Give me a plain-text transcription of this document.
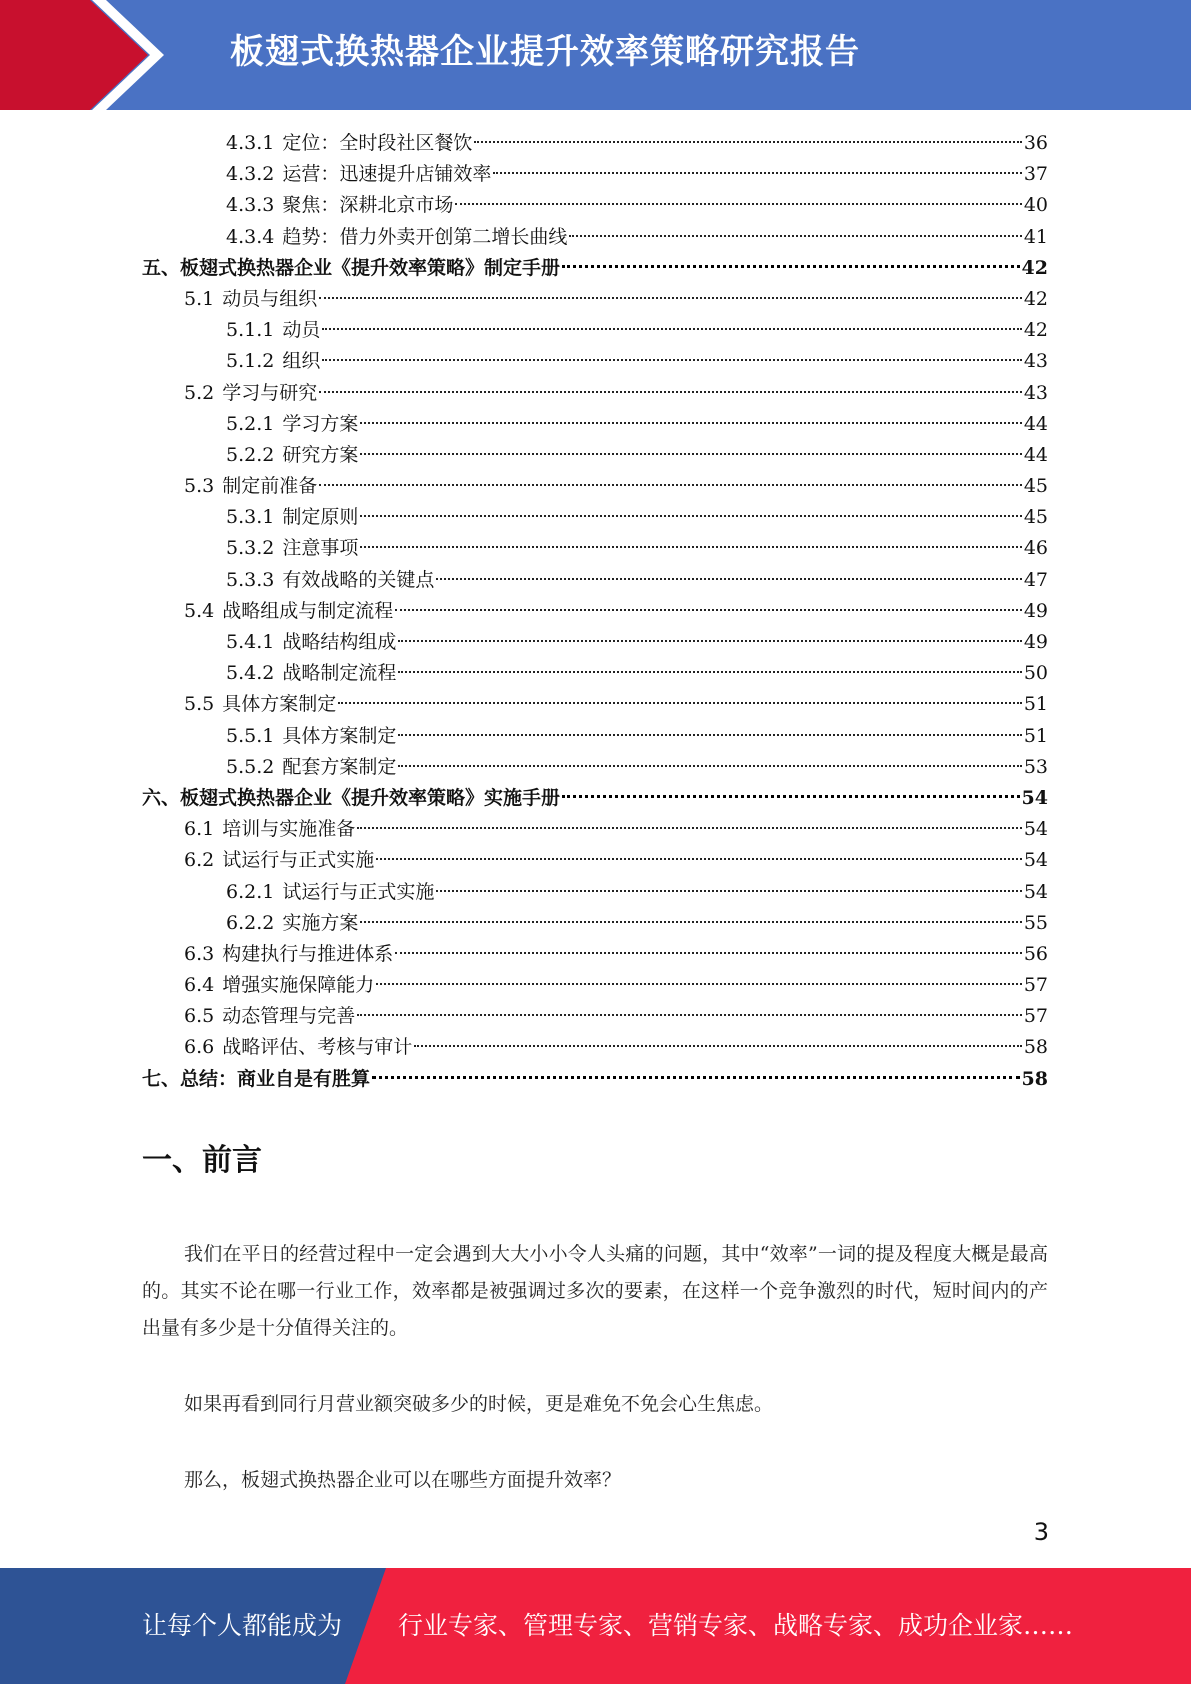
板翅式换热器企业提升效率策略研究报告
4.3.1 定位：全时段社区餐饮	36
4.3.2 运营：迅速提升店铺效率	37
4.3.3 聚焦：深耕北京市场	40
4.3.4 趋势：借力外卖开创第二增长曲线	41
五、板翅式换热器企业《提升效率策略》制定手册	42
5.1 动员与组织	42
5.1.1 动员	42
5.1.2 组织	43
5.2 学习与研究	43
5.2.1 学习方案	44
5.2.2 研究方案	44
5.3 制定前准备	45
5.3.1 制定原则	45
5.3.2 注意事项	46
5.3.3 有效战略的关键点	47
5.4 战略组成与制定流程	49
5.4.1 战略结构组成	49
5.4.2 战略制定流程	50
5.5 具体方案制定	51
5.5.1 具体方案制定	51
5.5.2 配套方案制定	53
六、板翅式换热器企业《提升效率策略》实施手册	54
6.1 培训与实施准备	54
6.2 试运行与正式实施	54
6.2.1 试运行与正式实施	54
6.2.2 实施方案	55
6.3 构建执行与推进体系	56
6.4 增强实施保障能力	57
6.5 动态管理与完善	57
6.6 战略评估、考核与审计	58
七、总结：商业自是有胜算	58
一、前言

我们在平日的经营过程中一定会遇到大大小小令人头痛的问题，其中“效率”一词的提及程度大概是最高的。其实不论在哪一行业工作，效率都是被强调过多次的要素，在这样一个竞争激烈的时代，短时间内的产出量有多少是十分值得关注的。

如果再看到同行月营业额突破多少的时候，更是难免不免会心生焦虑。

那么，板翅式换热器企业可以在哪些方面提升效率？

3
让每个人都能成为 行业专家、管理专家、营销专家、战略专家、成功企业家……
